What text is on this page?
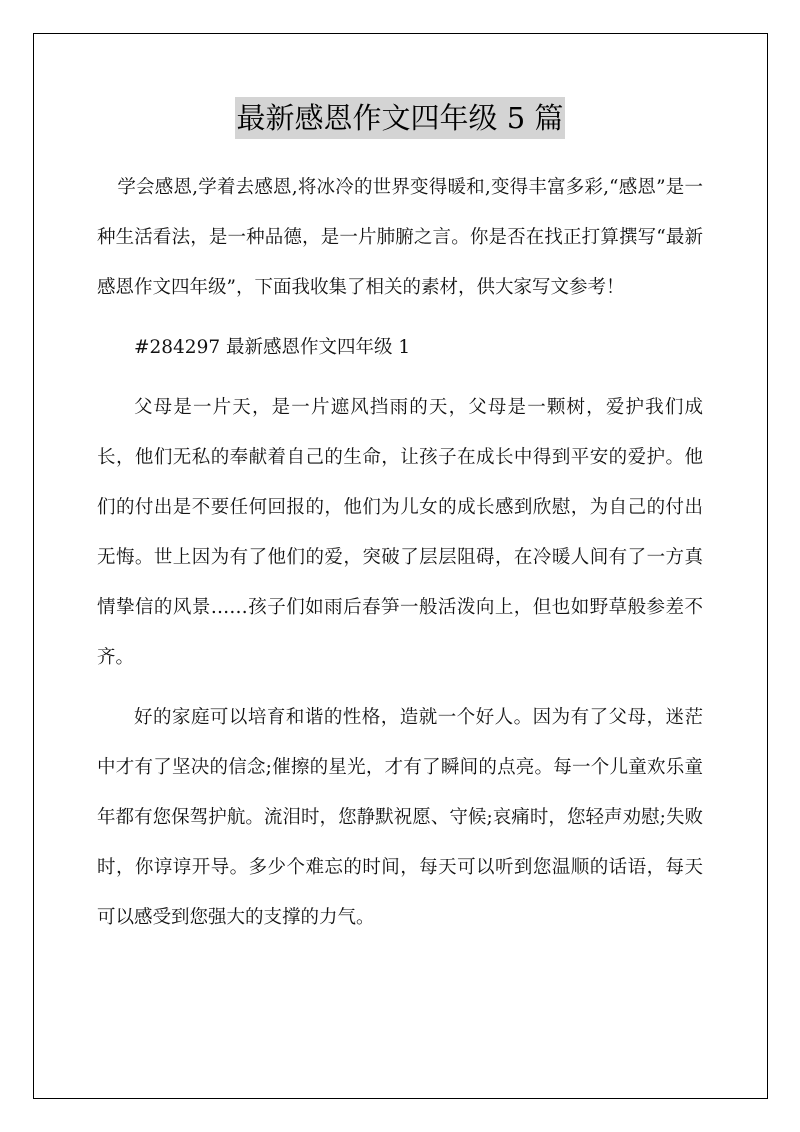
最新感恩作文四年级 5 篇

学会感恩,学着去感恩,将冰冷的世界变得暖和,变得丰富多彩,“感恩”是一种生活看法，是一种品德，是一片肺腑之言。你是否在找正打算撰写“最新感恩作文四年级”，下面我收集了相关的素材，供大家写文参考！

#284297 最新感恩作文四年级 1

父母是一片天，是一片遮风挡雨的天，父母是一颗树，爱护我们成长，他们无私的奉献着自己的生命，让孩子在成长中得到平安的爱护。他们的付出是不要任何回报的，他们为儿女的成长感到欣慰，为自己的付出无悔。世上因为有了他们的爱，突破了层层阻碍，在冷暖人间有了一方真情挚信的风景……孩子们如雨后春笋一般活泼向上，但也如野草般参差不齐。

好的家庭可以培育和谐的性格，造就一个好人。因为有了父母，迷茫中才有了坚决的信念;催擦的星光，才有了瞬间的点亮。每一个儿童欢乐童年都有您保驾护航。流泪时，您静默祝愿、守候;哀痛时，您轻声劝慰;失败时，你谆谆开导。多少个难忘的时间，每天可以听到您温顺的话语，每天可以感受到您强大的支撑的力气。
